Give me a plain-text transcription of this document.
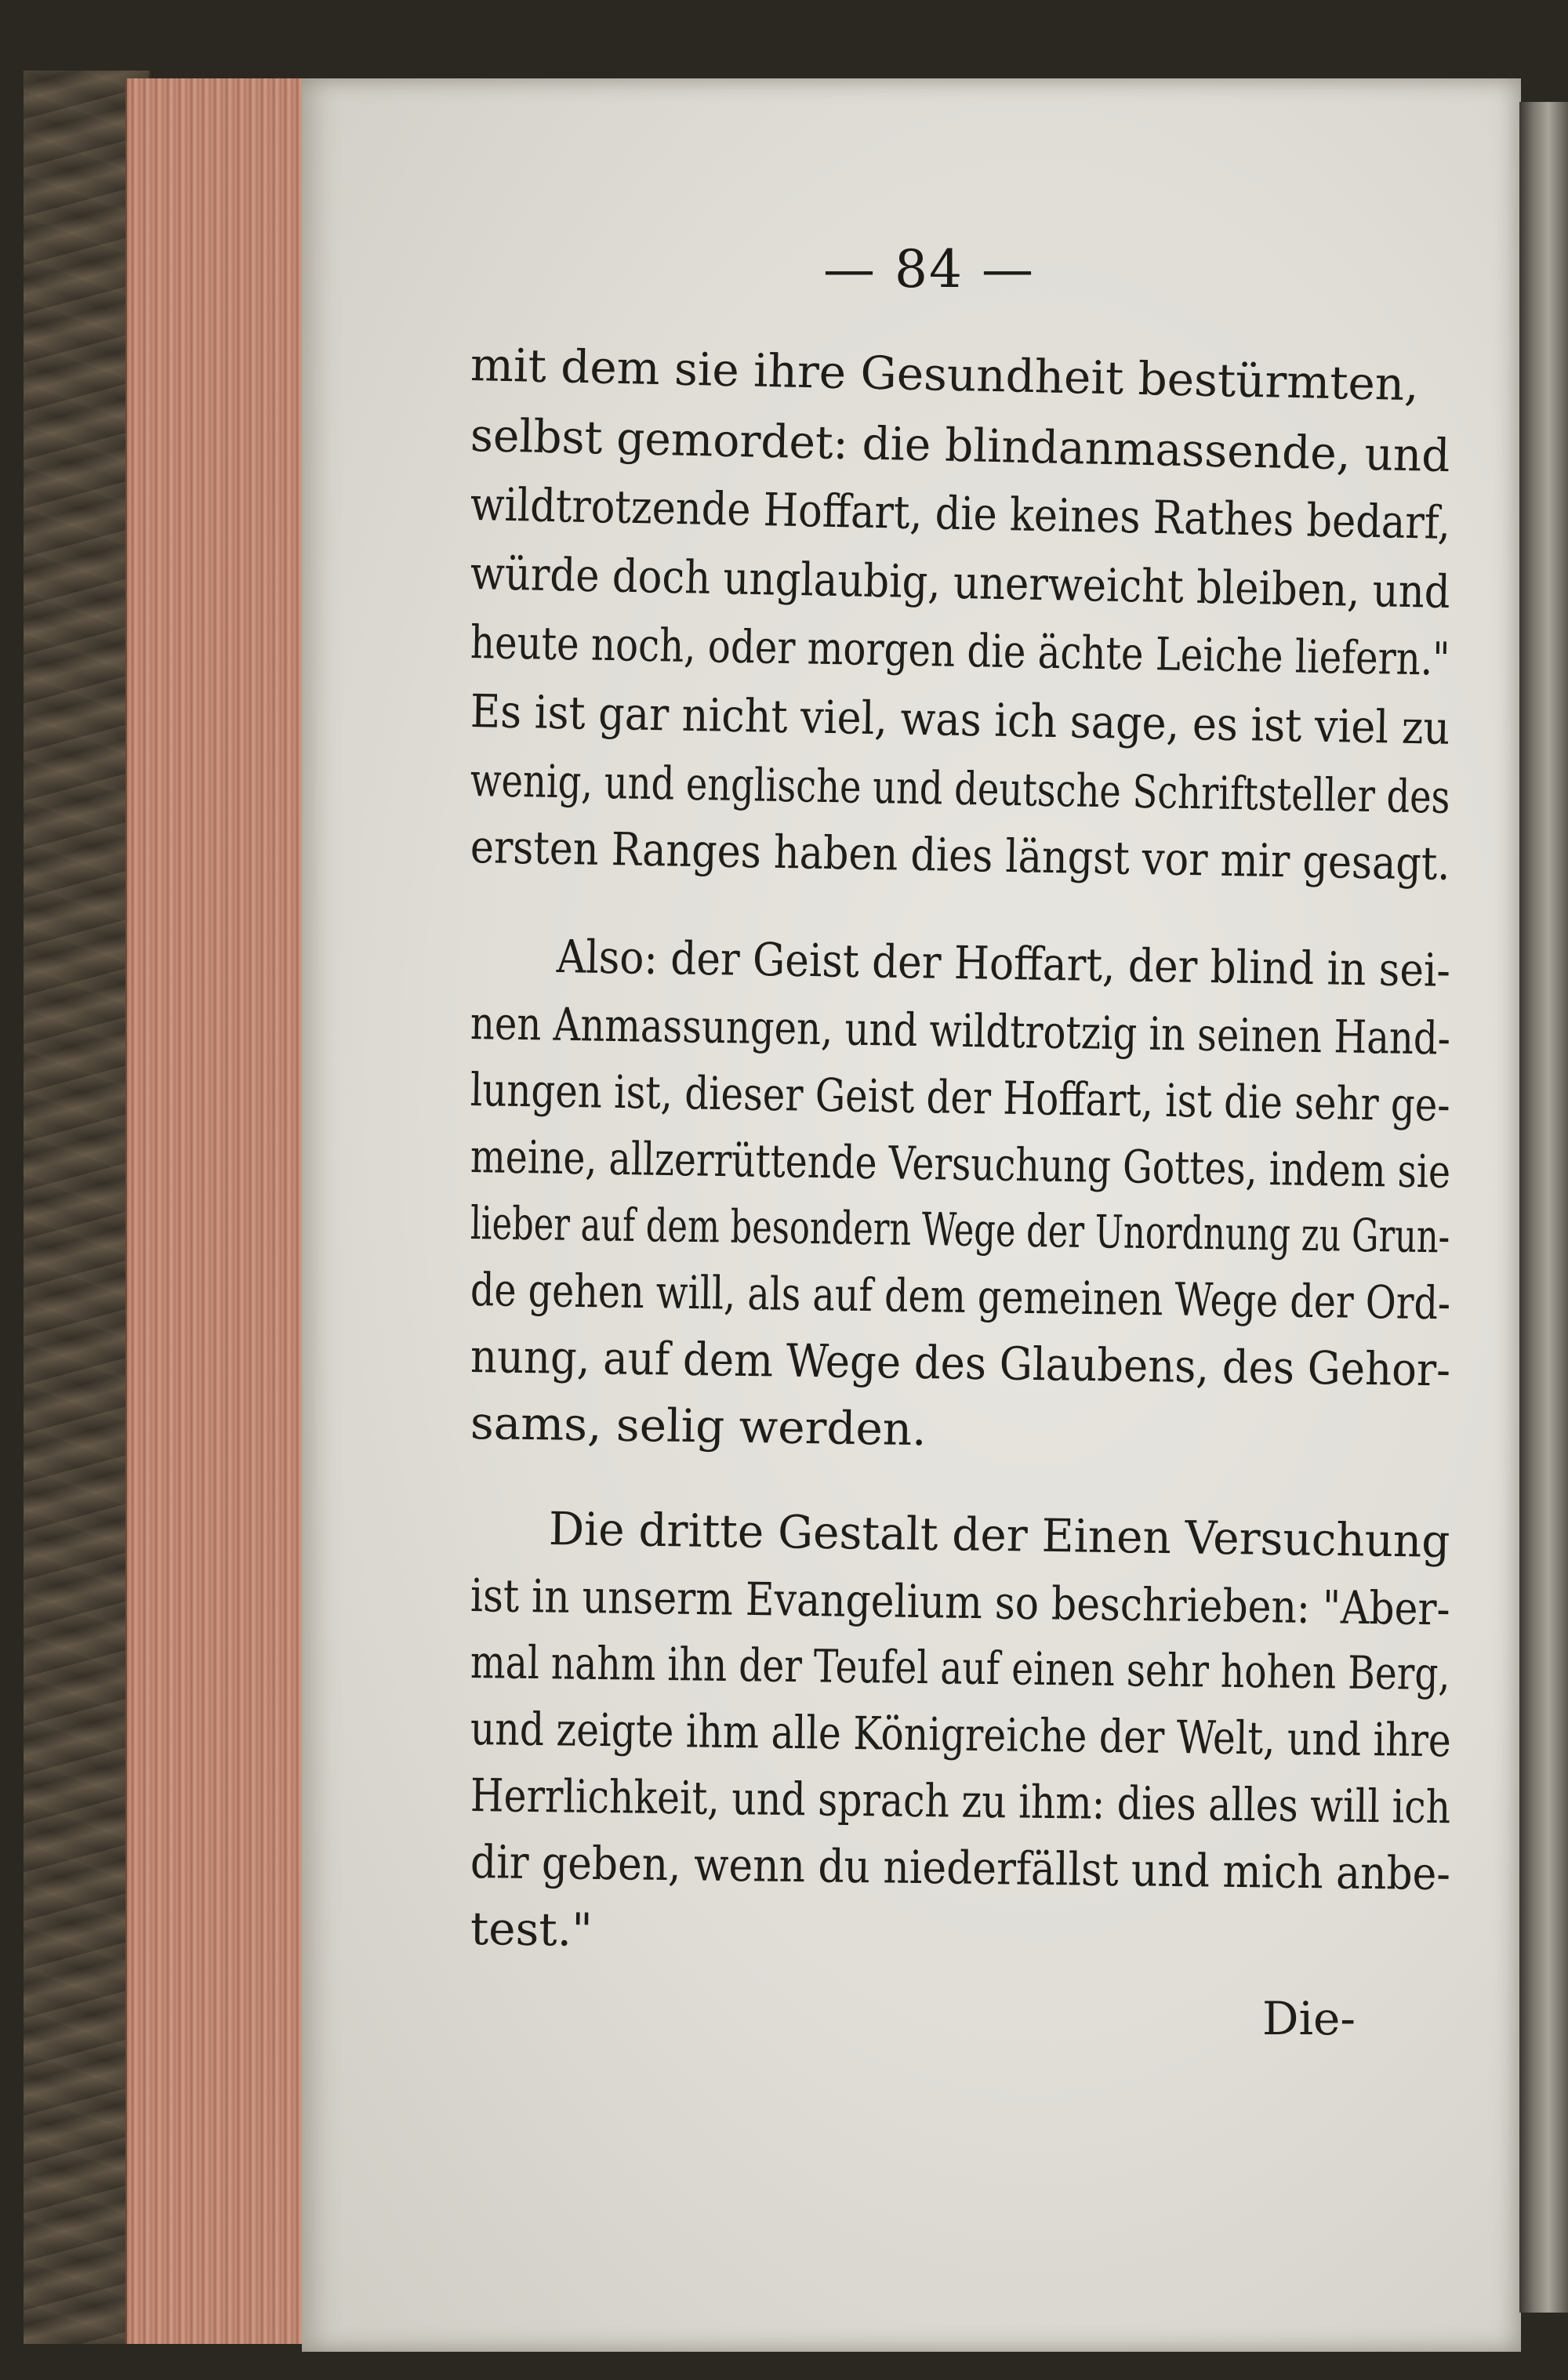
— 84 —
mit dem sie ihre Gesundheit bestürmten,
selbst gemordet: die blindanmassende, und
wildtrotzende Hoffart, die keines Rathes bedarf,
würde doch unglaubig, unerweicht bleiben, und
heute noch, oder morgen die ächte Leiche liefern."
Es ist gar nicht viel, was ich sage, es ist viel zu
wenig, und englische und deutsche Schriftsteller des
ersten Ranges haben dies längst vor mir gesagt.
Also: der Geist der Hoffart, der blind in sei-
nen Anmassungen, und wildtrotzig in seinen Hand-
lungen ist, dieser Geist der Hoffart, ist die sehr ge-
meine, allzerrüttende Versuchung Gottes, indem sie
lieber auf dem besondern Wege der Unordnung zu Grun-
de gehen will, als auf dem gemeinen Wege der Ord-
nung, auf dem Wege des Glaubens, des Gehor-
sams, selig werden.
Die dritte Gestalt der Einen Versuchung
ist in unserm Evangelium so beschrieben: "Aber-
mal nahm ihn der Teufel auf einen sehr hohen Berg,
und zeigte ihm alle Königreiche der Welt, und ihre
Herrlichkeit, und sprach zu ihm: dies alles will ich
dir geben, wenn du niederfällst und mich anbe-
test."
Die-
